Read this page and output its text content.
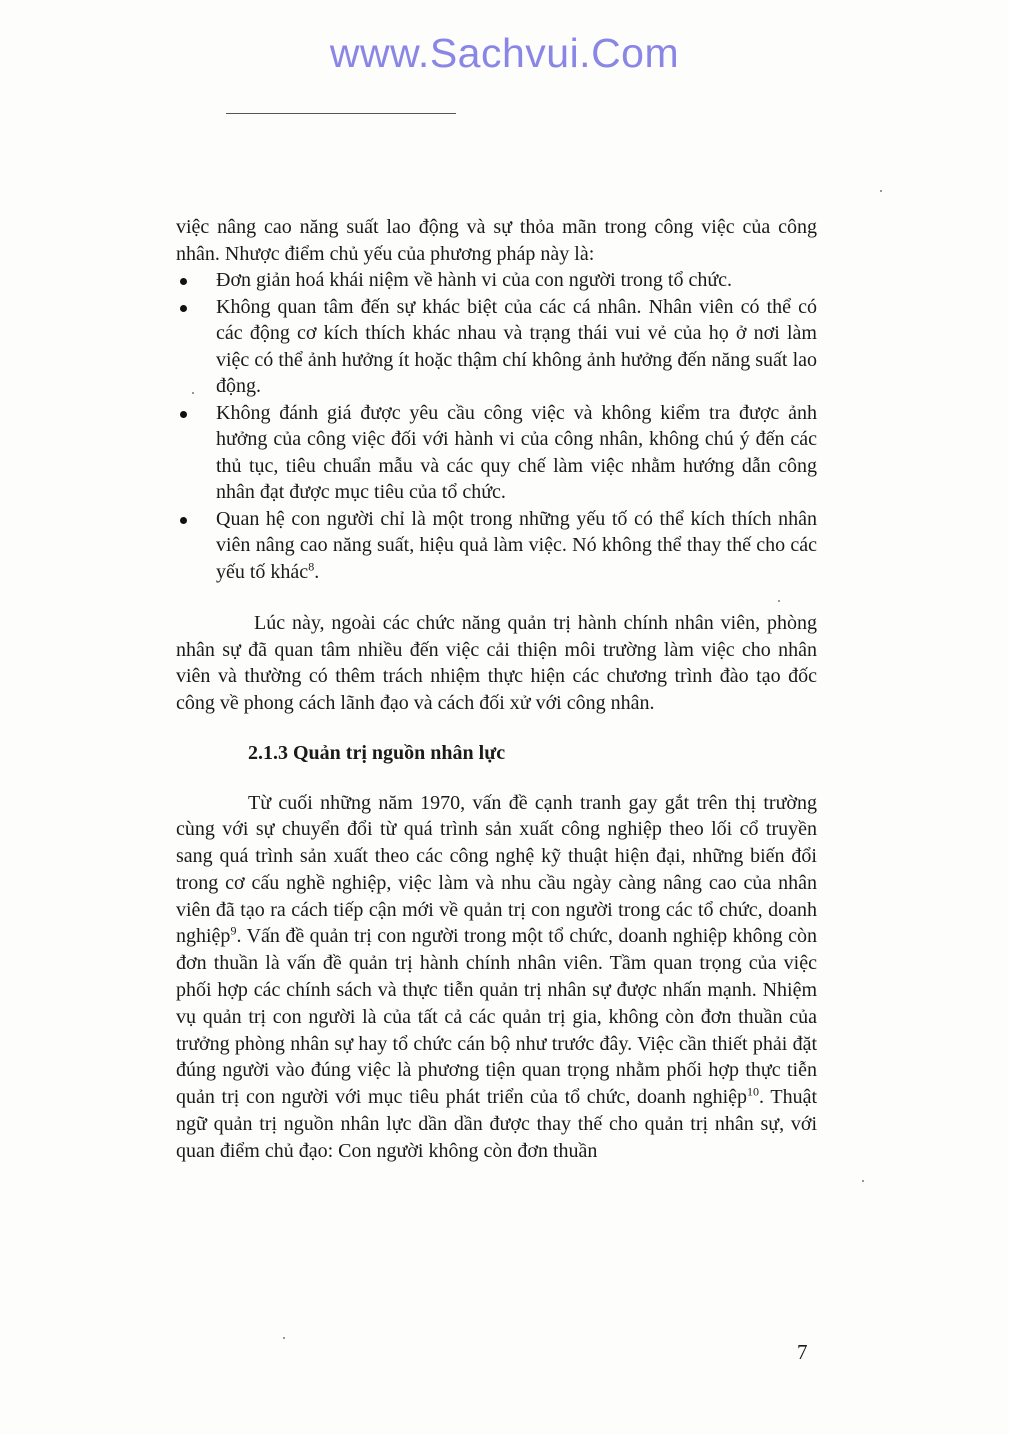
www.Sachvui.Com

việc nâng cao năng suất lao động và sự thỏa mãn trong công việc của công nhân. Nhược điểm chủ yếu của phương pháp này là:

Đơn giản hoá khái niệm về hành vi của con người trong tổ chức.
Không quan tâm đến sự khác biệt của các cá nhân. Nhân viên có thể có các động cơ kích thích khác nhau và trạng thái vui vẻ của họ ở nơi làm việc có thể ảnh hưởng ít hoặc thậm chí không ảnh hưởng đến năng suất lao động.
Không đánh giá được yêu cầu công việc và không kiểm tra được ảnh hưởng của công việc đối với hành vi của công nhân, không chú ý đến các thủ tục, tiêu chuẩn mẫu và các quy chế làm việc nhằm hướng dẫn công nhân đạt được mục tiêu của tổ chức.
Quan hệ con người chỉ là một trong những yếu tố có thể kích thích nhân viên nâng cao năng suất, hiệu quả làm việc. Nó không thể thay thế cho các yếu tố khác$^8$.

Lúc này, ngoài các chức năng quản trị hành chính nhân viên, phòng nhân sự đã quan tâm nhiều đến việc cải thiện môi trường làm việc cho nhân viên và thường có thêm trách nhiệm thực hiện các chương trình đào tạo đốc công về phong cách lãnh đạo và cách đối xử với công nhân.

2.1.3 Quản trị nguồn nhân lực

Từ cuối những năm 1970, vấn đề cạnh tranh gay gắt trên thị trường cùng với sự chuyển đổi từ quá trình sản xuất công nghiệp theo lối cổ truyền sang quá trình sản xuất theo các công nghệ kỹ thuật hiện đại, những biến đổi trong cơ cấu nghề nghiệp, việc làm và nhu cầu ngày càng nâng cao của nhân viên đã tạo ra cách tiếp cận mới về quản trị con người trong các tổ chức, doanh nghiệp$^9$. Vấn đề quản trị con người trong một tổ chức, doanh nghiệp không còn đơn thuần là vấn đề quản trị hành chính nhân viên. Tầm quan trọng của việc phối hợp các chính sách và thực tiễn quản trị nhân sự được nhấn mạnh. Nhiệm vụ quản trị con người là của tất cả các quản trị gia, không còn đơn thuần của trưởng phòng nhân sự hay tổ chức cán bộ như trước đây. Việc cần thiết phải đặt đúng người vào đúng việc là phương tiện quan trọng nhằm phối hợp thực tiễn quản trị con người với mục tiêu phát triển của tổ chức, doanh nghiệp$^{10}$. Thuật ngữ quản trị nguồn nhân lực dần dần được thay thế cho quản trị nhân sự, với quan điểm chủ đạo: Con người không còn đơn thuần

7
